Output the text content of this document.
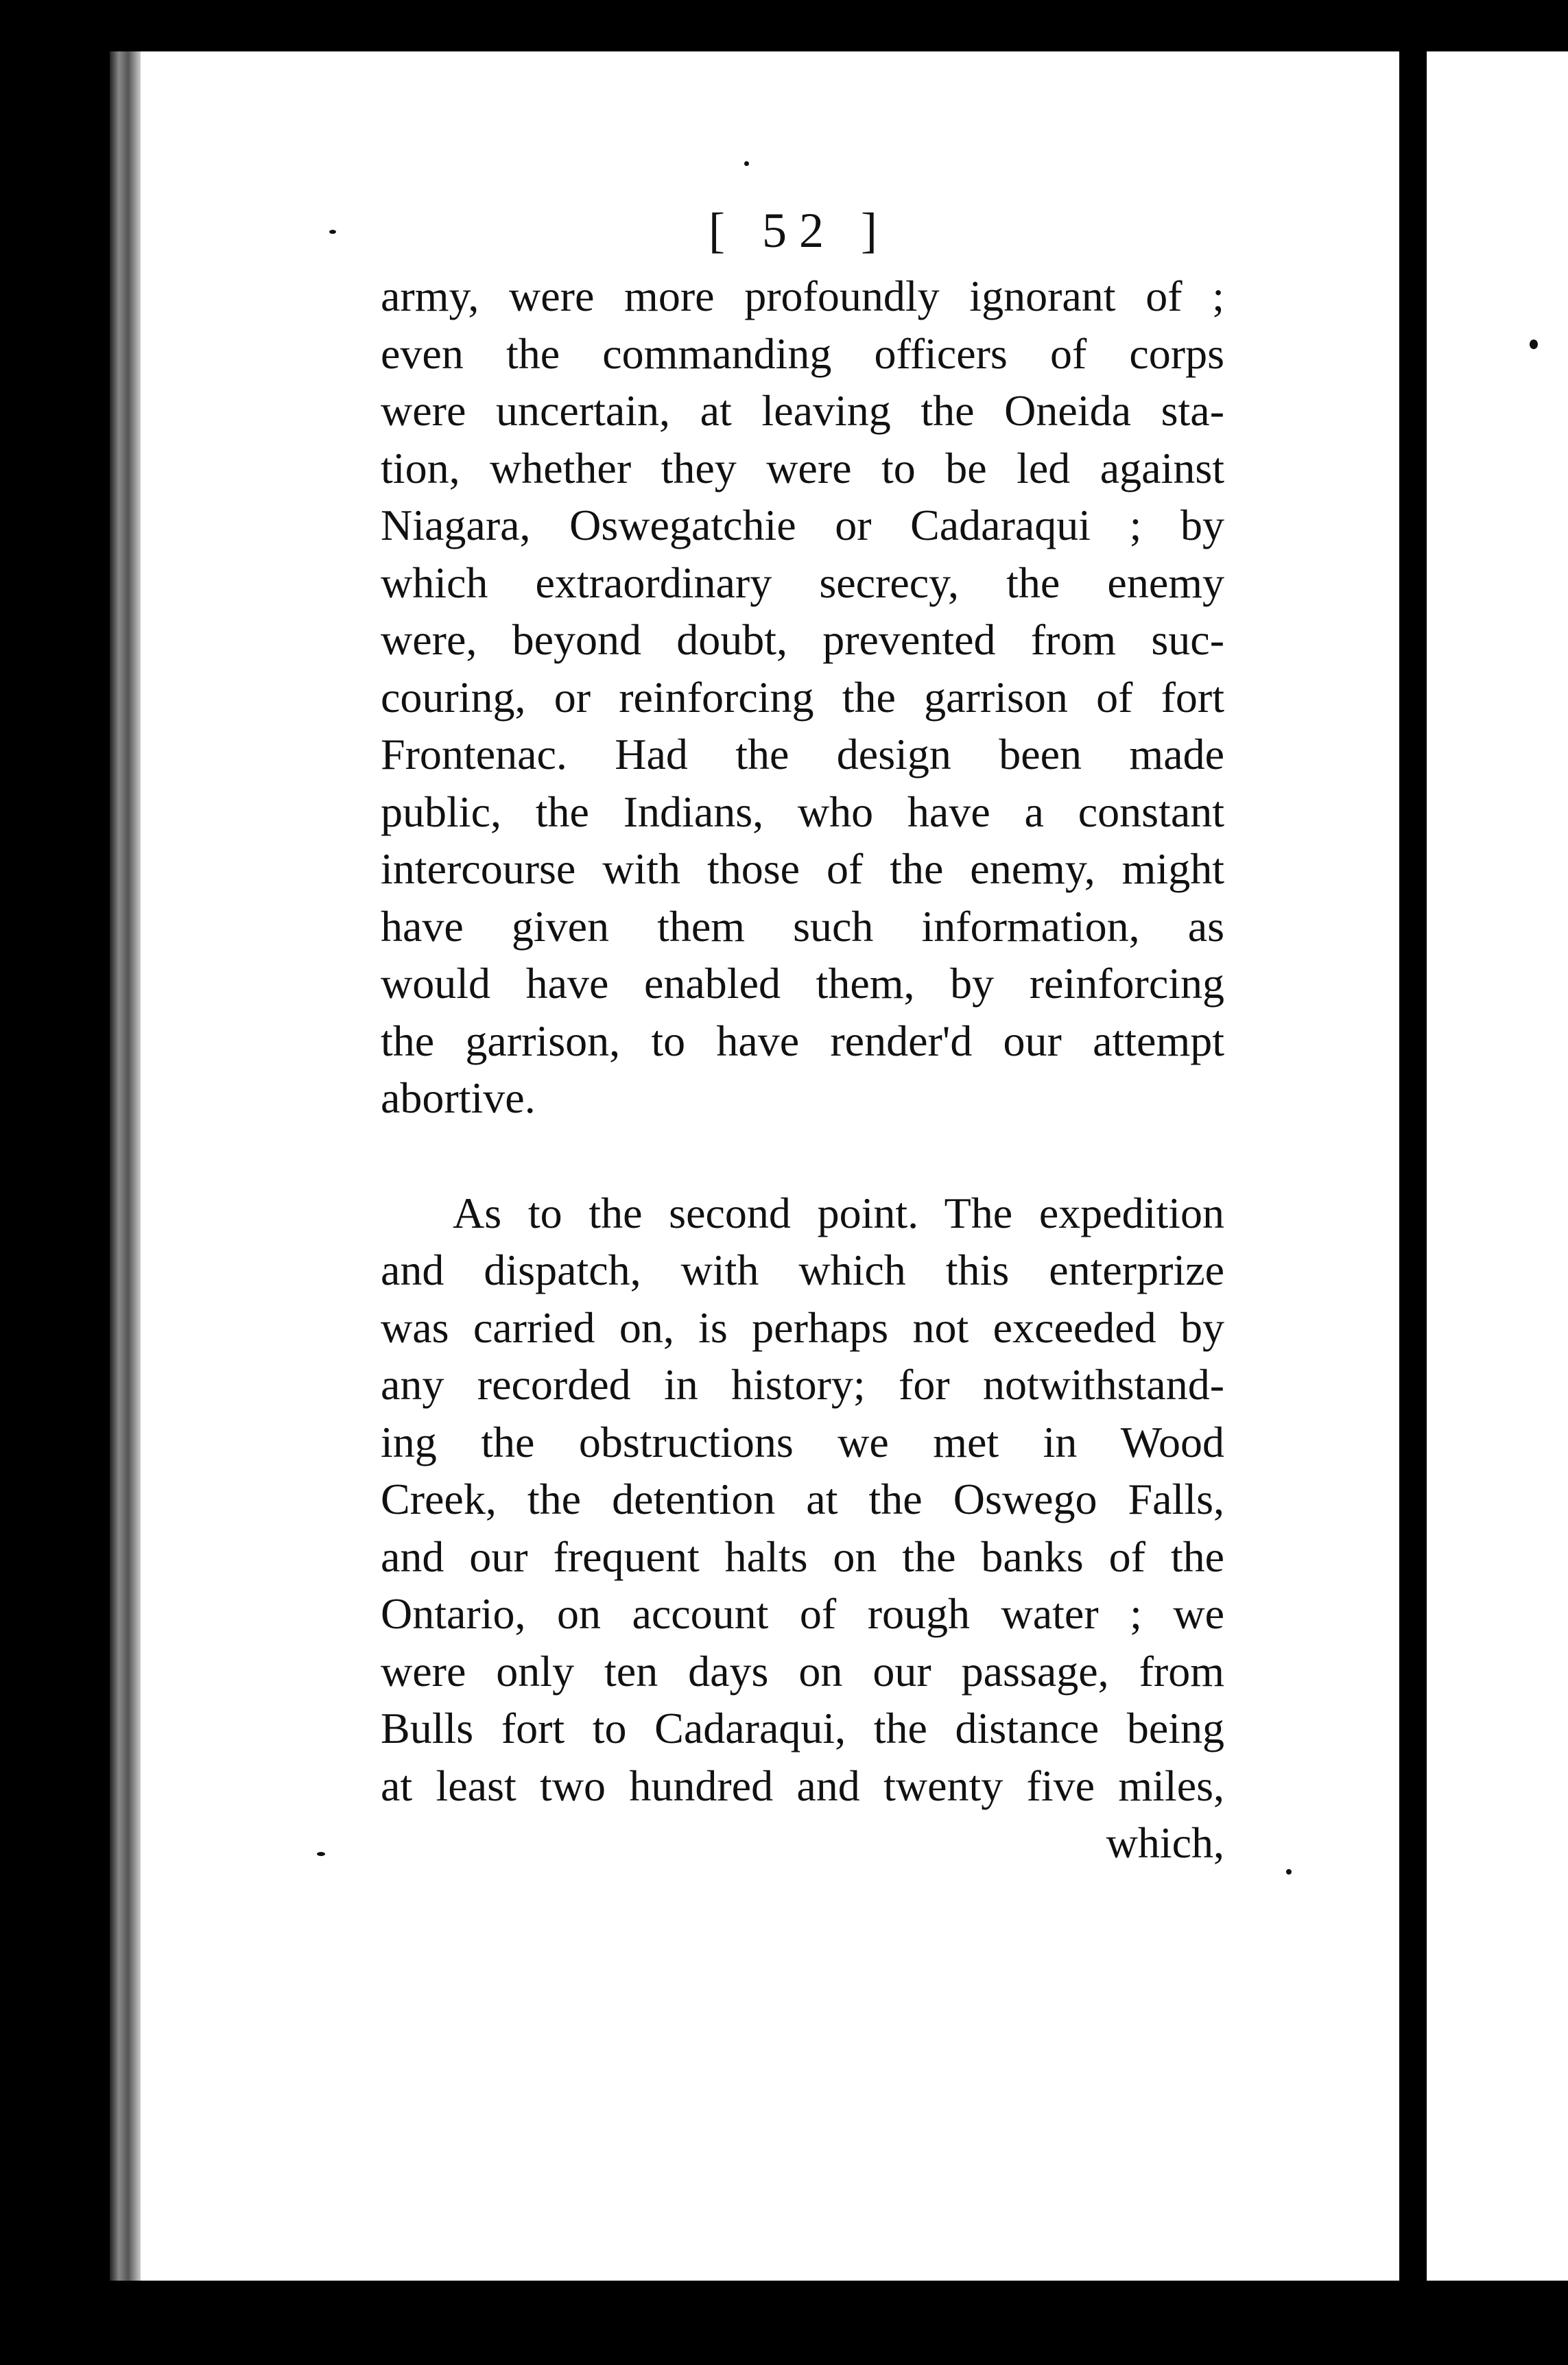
[ 52 ]
army, were more profoundly ignorant of ;
even the commanding officers of corps
were uncertain, at leaving the Oneida sta-
tion, whether they were to be led against
Niagara, Oswegatchie or Cadaraqui ; by
which extraordinary secrecy, the enemy
were, beyond doubt, prevented from suc-
couring, or reinforcing the garrison of fort
Frontenac. Had the design been made
public, the Indians, who have a constant
intercourse with those of the enemy, might
have given them such information, as
would have enabled them, by reinforcing
the garrison, to have render'd our attempt
abortive.
As to the second point. The expedition
and dispatch, with which this enterprize
was carried on, is perhaps not exceeded by
any recorded in history; for notwithstand-
ing the obstructions we met in Wood
Creek, the detention at the Oswego Falls,
and our frequent halts on the banks of the
Ontario, on account of rough water ; we
were only ten days on our passage, from
Bulls fort to Cadaraqui, the distance being
at least two hundred and twenty five miles,
which,
